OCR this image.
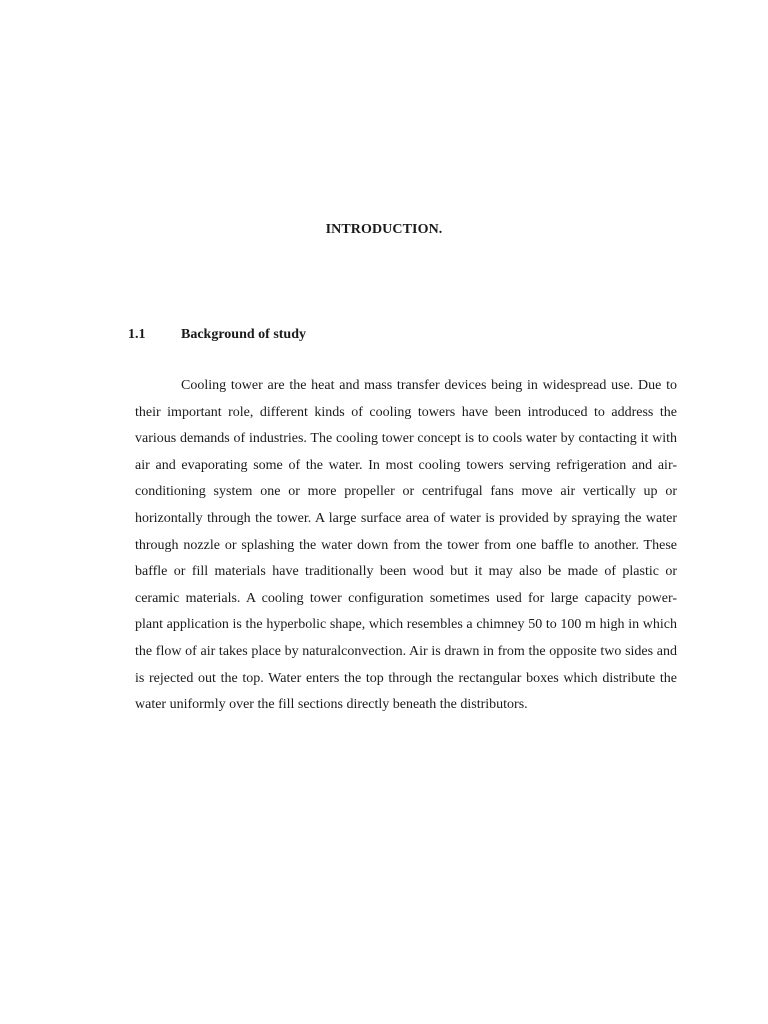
INTRODUCTION.
1.1	Background of study

Cooling tower are the heat and mass transfer devices being in widespread use. Due to their important role, different kinds of cooling towers have been introduced to address the various demands of industries. The cooling tower concept is to cools water by contacting it with air and evaporating some of the water. In most cooling towers serving refrigeration and air-conditioning system one or more propeller or centrifugal fans move air vertically up or horizontally through the tower. A large surface area of water is provided by spraying the water through nozzle or splashing the water down from the tower from one baffle to another. These baffle or fill materials have traditionally been wood but it may also be made of plastic or ceramic materials. A cooling tower configuration sometimes used for large capacity power- plant application is the hyperbolic shape, which resembles a chimney 50 to 100 m high in which the flow of air takes place by naturalconvection. Air is drawn in from the opposite two sides and is rejected out the top. Water enters the top through the rectangular boxes which distribute the water uniformly over the fill sections directly beneath the distributors.
